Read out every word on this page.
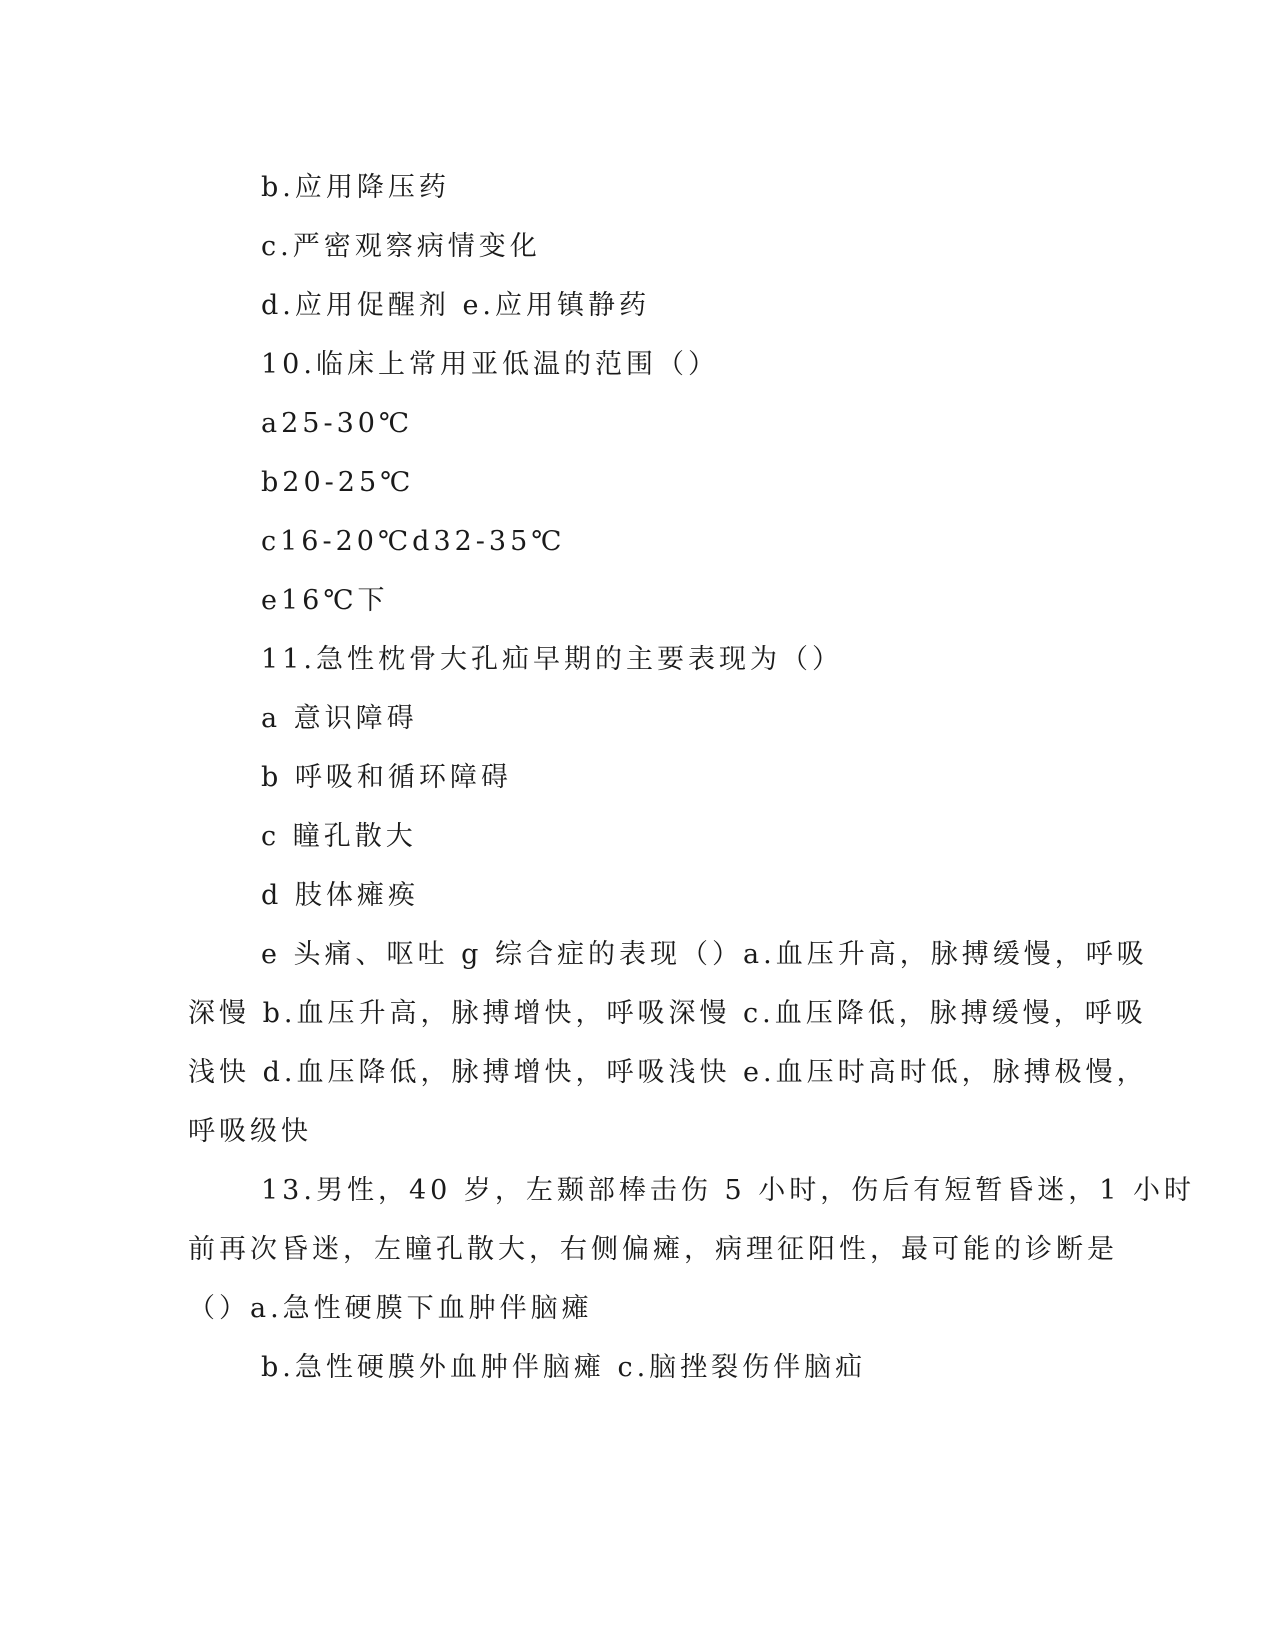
b.应用降压药
c.严密观察病情变化
d.应用促醒剂 e.应用镇静药
10.临床上常用亚低温的范围（）
a25-30℃
b20-25℃
c16-20℃d32-35℃
e16℃下
11.急性枕骨大孔疝早期的主要表现为（）
a 意识障碍
b 呼吸和循环障碍
c 瞳孔散大
d 肢体瘫痪
e 头痛、呕吐 g 综合症的表现（）a.血压升高，脉搏缓慢，呼吸
深慢 b.血压升高，脉搏增快，呼吸深慢 c.血压降低，脉搏缓慢，呼吸
浅快 d.血压降低，脉搏增快，呼吸浅快 e.血压时高时低，脉搏极慢，
呼吸级快
13.男性，40 岁，左颞部棒击伤 5 小时，伤后有短暂昏迷，1 小时
前再次昏迷，左瞳孔散大，右侧偏瘫，病理征阳性，最可能的诊断是
（）a.急性硬膜下血肿伴脑瘫
b.急性硬膜外血肿伴脑瘫 c.脑挫裂伤伴脑疝
